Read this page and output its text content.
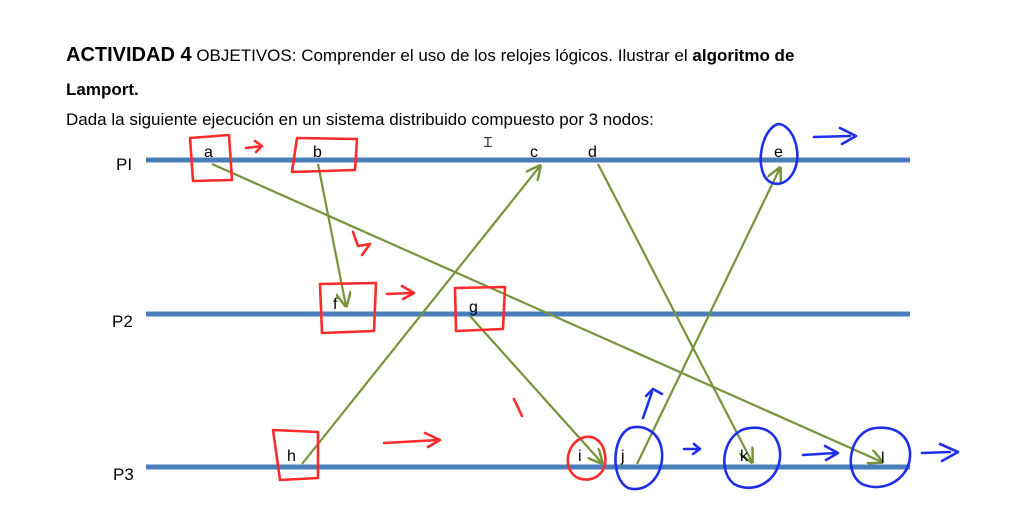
ACTIVIDAD 4 OBJETIVOS: Comprender el uso de los relojes lógicos. Ilustrar el algoritmo de
Lamport.
Dada la siguiente ejecución en un sistema distribuido compuesto por 3 nodos:
Ɪ
PI
P2
P3
a	b	c	d	e
f	g
h	i j	k	l
